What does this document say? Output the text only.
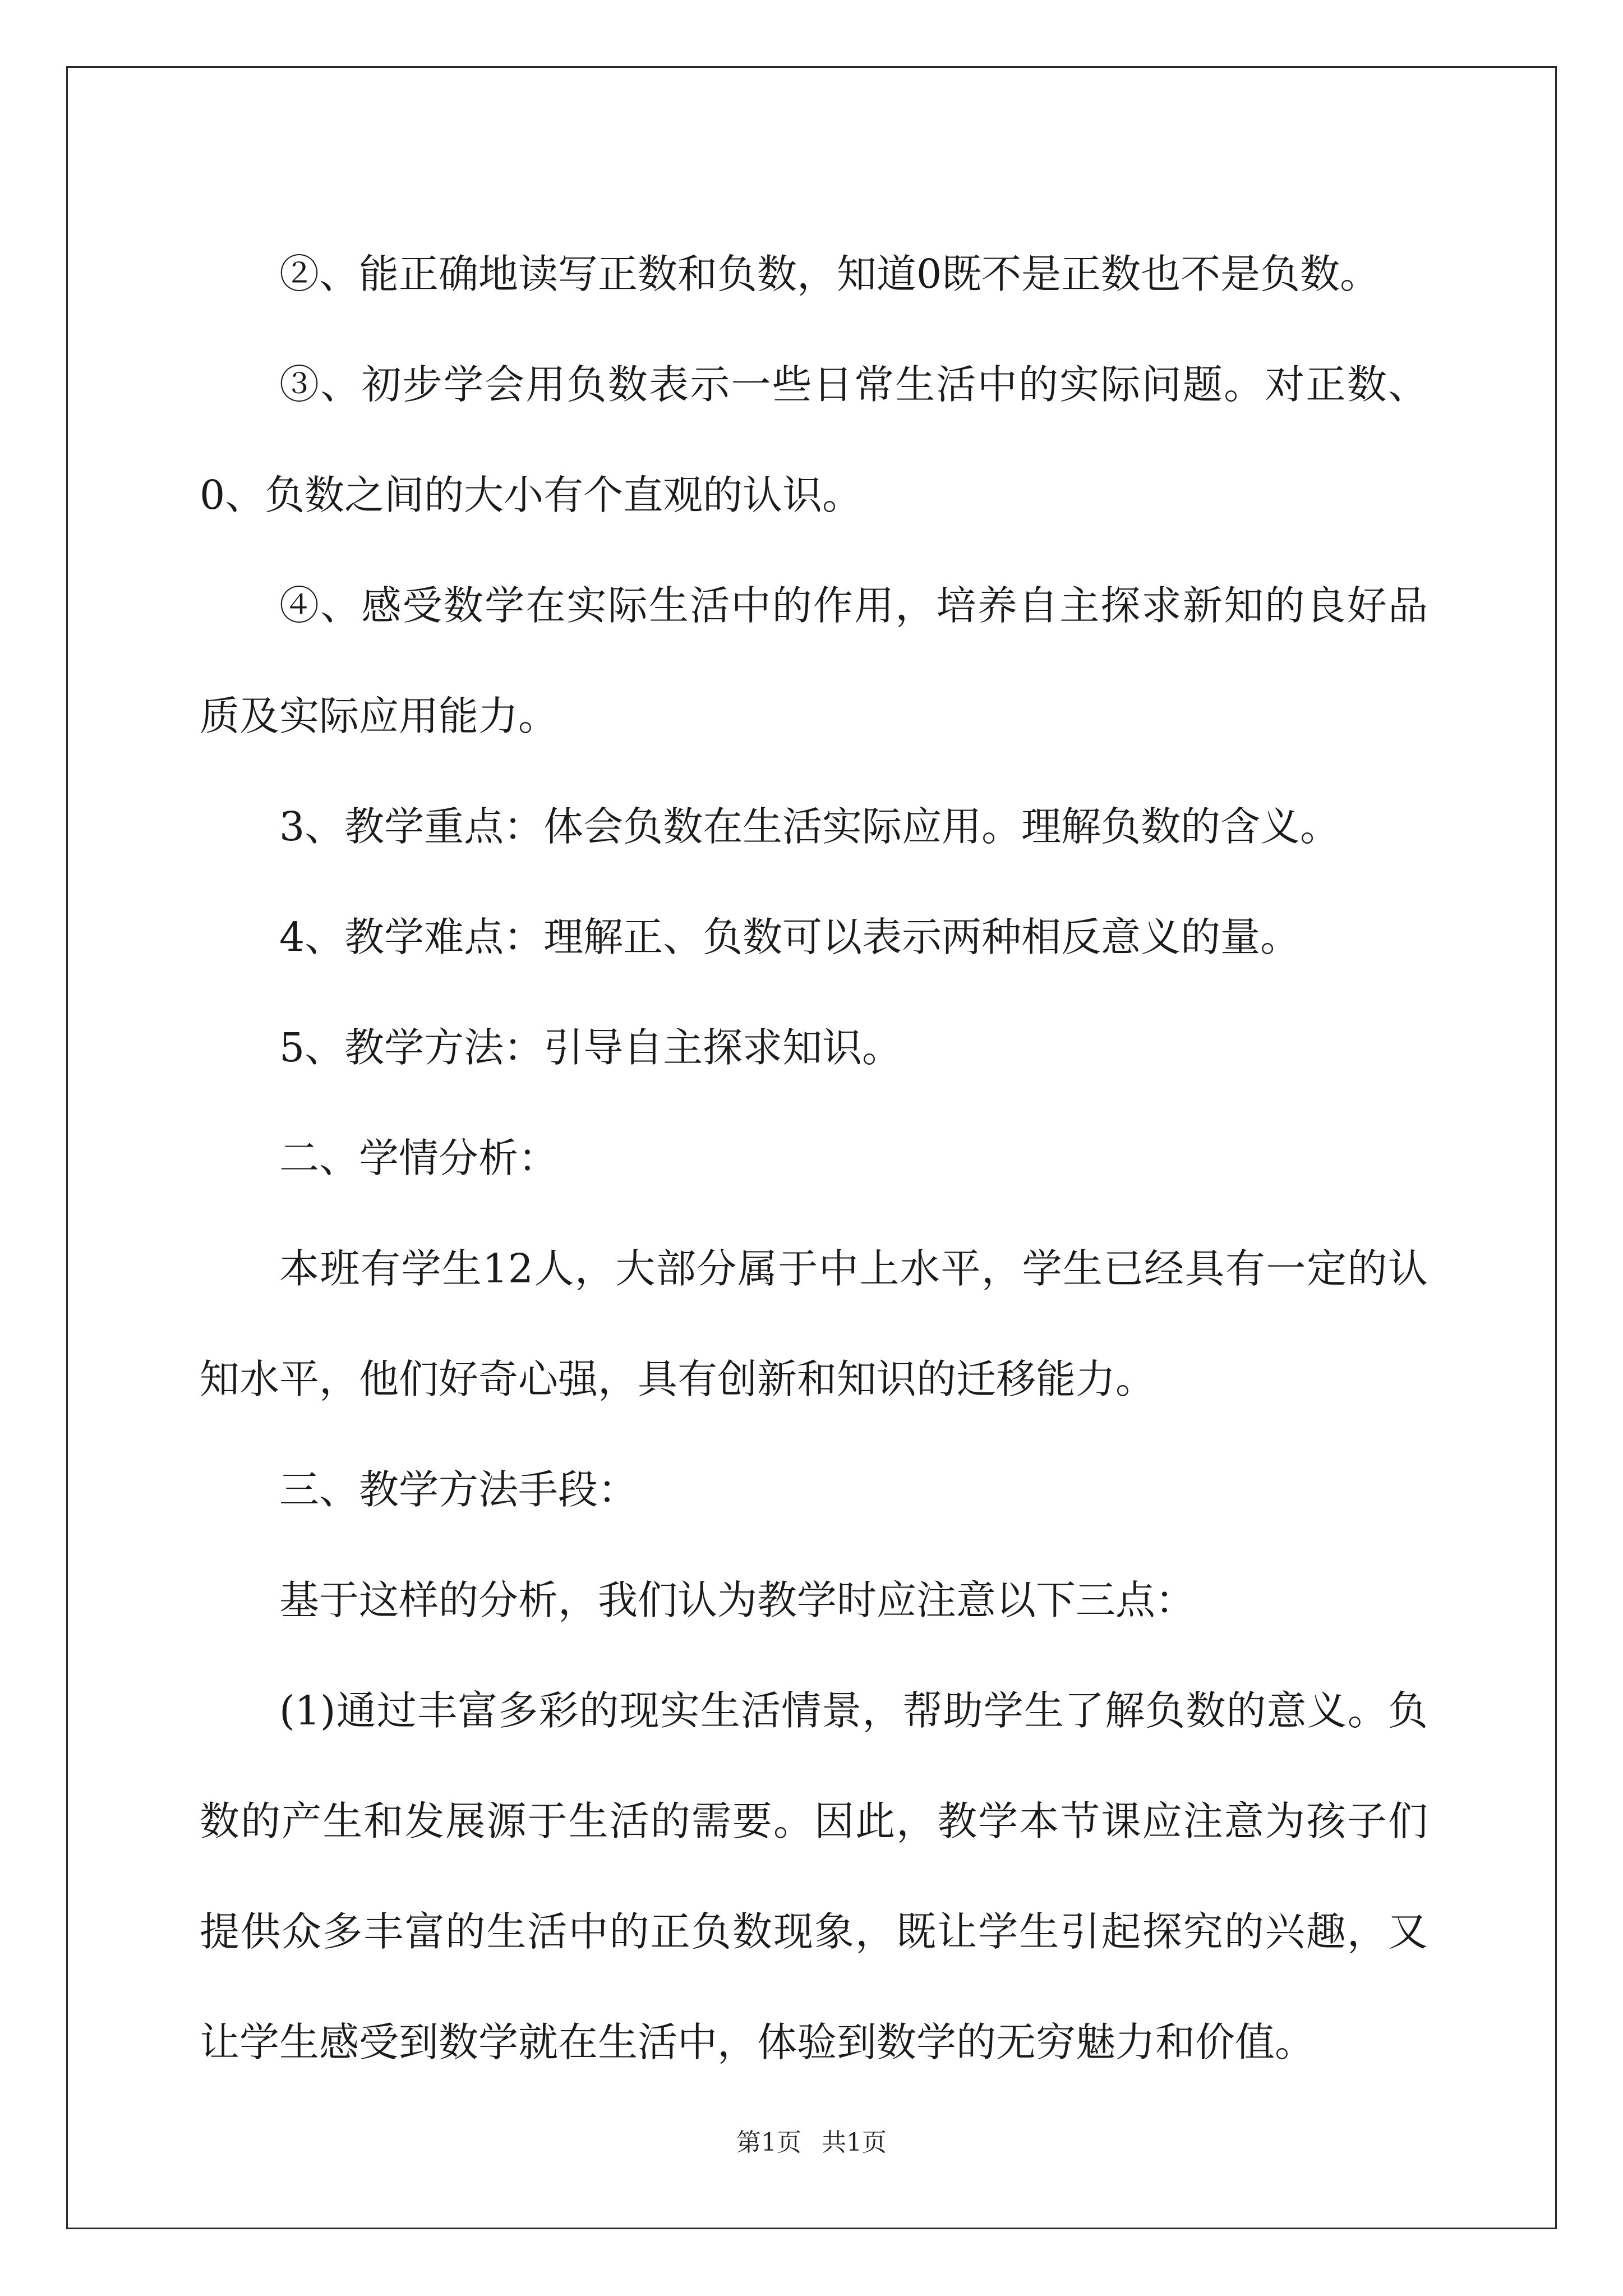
②、能正确地读写正数和负数，知道0既不是正数也不是负数。

③、初步学会用负数表示一些日常生活中的实际问题。对正数、0、负数之间的大小有个直观的认识。

④、感受数学在实际生活中的作用，培养自主探求新知的良好品质及实际应用能力。

3、教学重点：体会负数在生活实际应用。理解负数的含义。

4、教学难点：理解正、负数可以表示两种相反意义的量。

5、教学方法：引导自主探求知识。

二、学情分析：

本班有学生12人，大部分属于中上水平，学生已经具有一定的认知水平，他们好奇心强，具有创新和知识的迁移能力。

三、教学方法手段：

基于这样的分析，我们认为教学时应注意以下三点：

(1)通过丰富多彩的现实生活情景，帮助学生了解负数的意义。负数的产生和发展源于生活的需要。因此，教学本节课应注意为孩子们提供众多丰富的生活中的正负数现象，既让学生引起探究的兴趣，又让学生感受到数学就在生活中，体验到数学的无穷魅力和价值。

第1页 共1页
